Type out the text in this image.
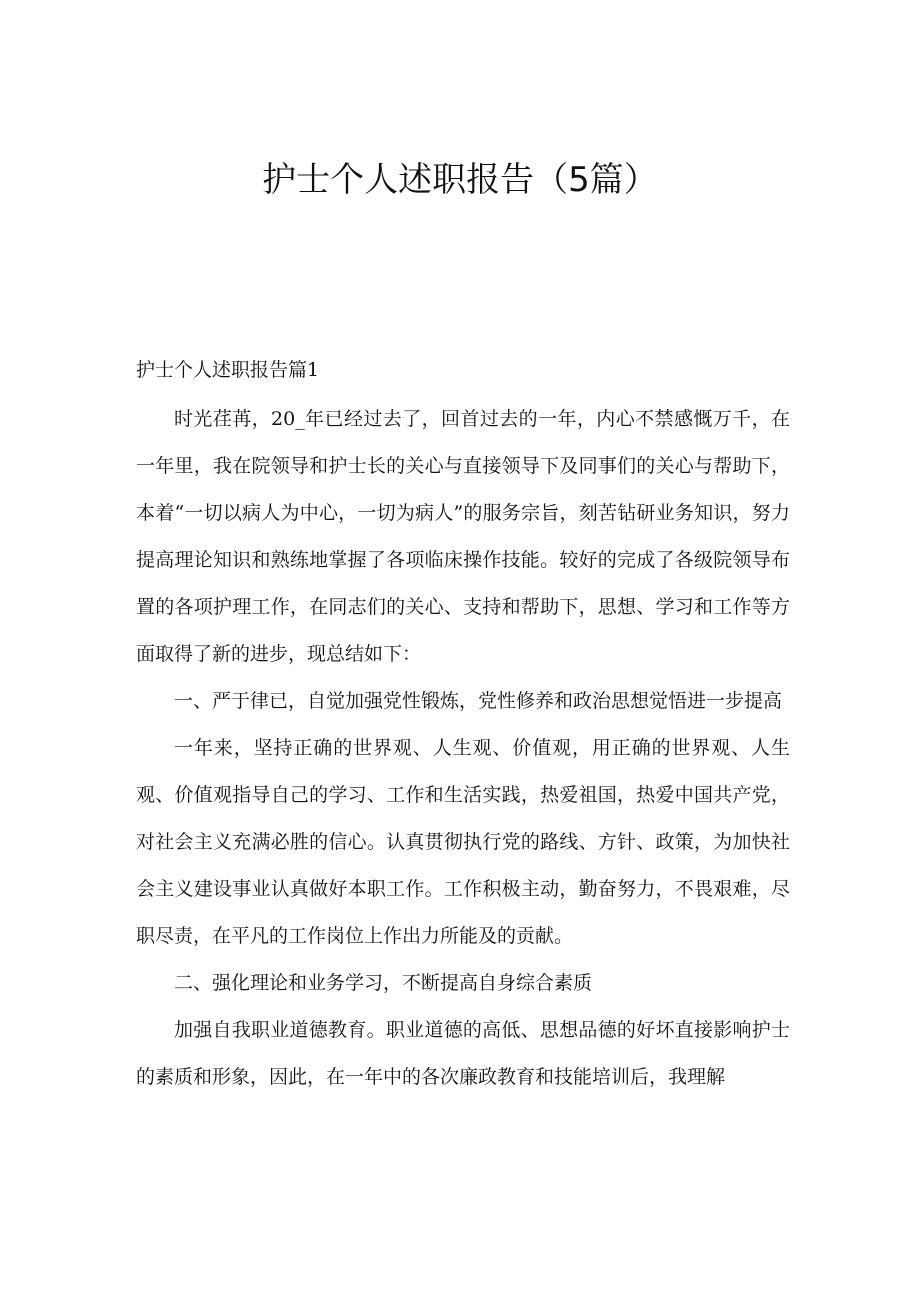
护士个人述职报告（5篇）
护士个人述职报告篇1

时光荏苒，20_年已经过去了，回首过去的一年，内心不禁感慨万千，在一年里，我在院领导和护士长的关心与直接领导下及同事们的关心与帮助下，本着“一切以病人为中心，一切为病人”的服务宗旨，刻苦钻研业务知识，努力提高理论知识和熟练地掌握了各项临床操作技能。较好的完成了各级院领导布置的各项护理工作，在同志们的关心、支持和帮助下，思想、学习和工作等方面取得了新的进步，现总结如下：

一、严于律已，自觉加强党性锻炼，党性修养和政治思想觉悟进一步提高

一年来，坚持正确的世界观、人生观、价值观，用正确的世界观、人生观、价值观指导自己的学习、工作和生活实践，热爱祖国，热爱中国共产党，对社会主义充满必胜的信心。认真贯彻执行党的路线、方针、政策，为加快社会主义建设事业认真做好本职工作。工作积极主动，勤奋努力，不畏艰难，尽职尽责，在平凡的工作岗位上作出力所能及的贡献。

二、强化理论和业务学习，不断提高自身综合素质

加强自我职业道德教育。职业道德的高低、思想品德的好坏直接影响护士的素质和形象，因此，在一年中的各次廉政教育和技能培训后，我理解
